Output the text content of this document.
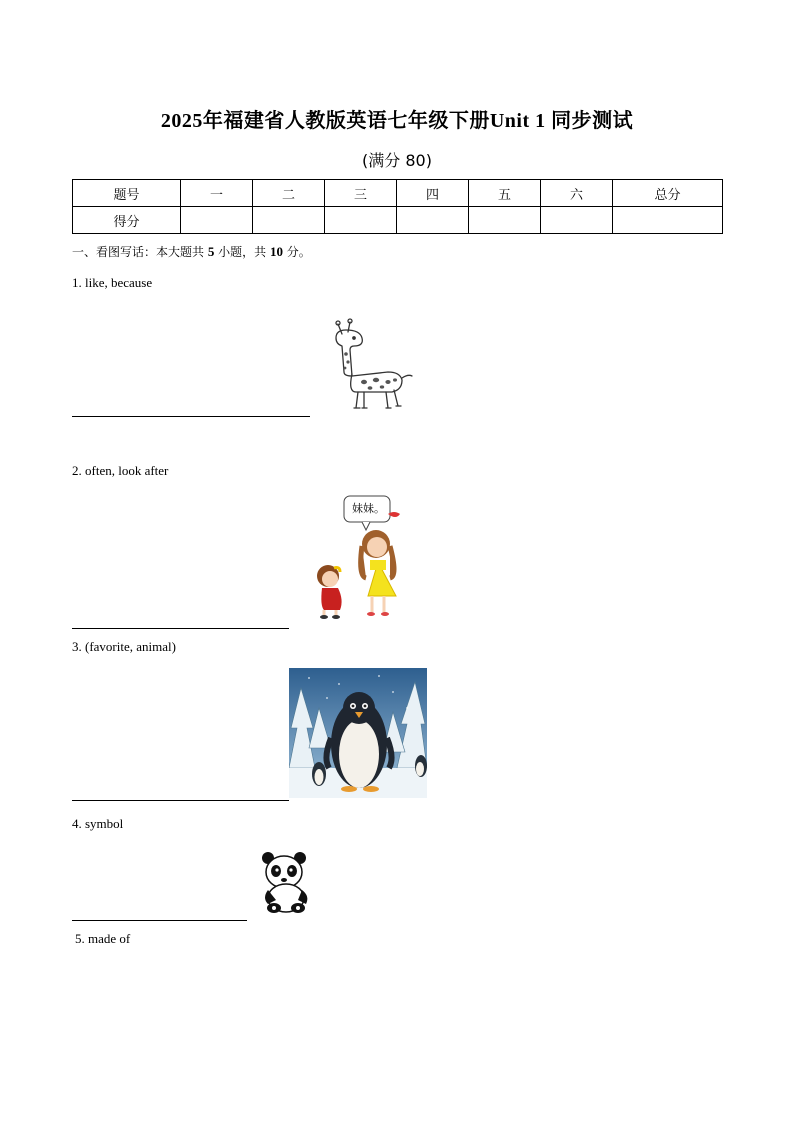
2025年福建省人教版英语七年级下册Unit 1 同步测试
(满分 80)
题号	一	二	三	四	五	六	总分
得分							
一、看图写话：本大题共 5 小题，共 10 分。
1. like, because
2. often, look after
妹妹。
3. (favorite, animal)
4. symbol
5. made of
